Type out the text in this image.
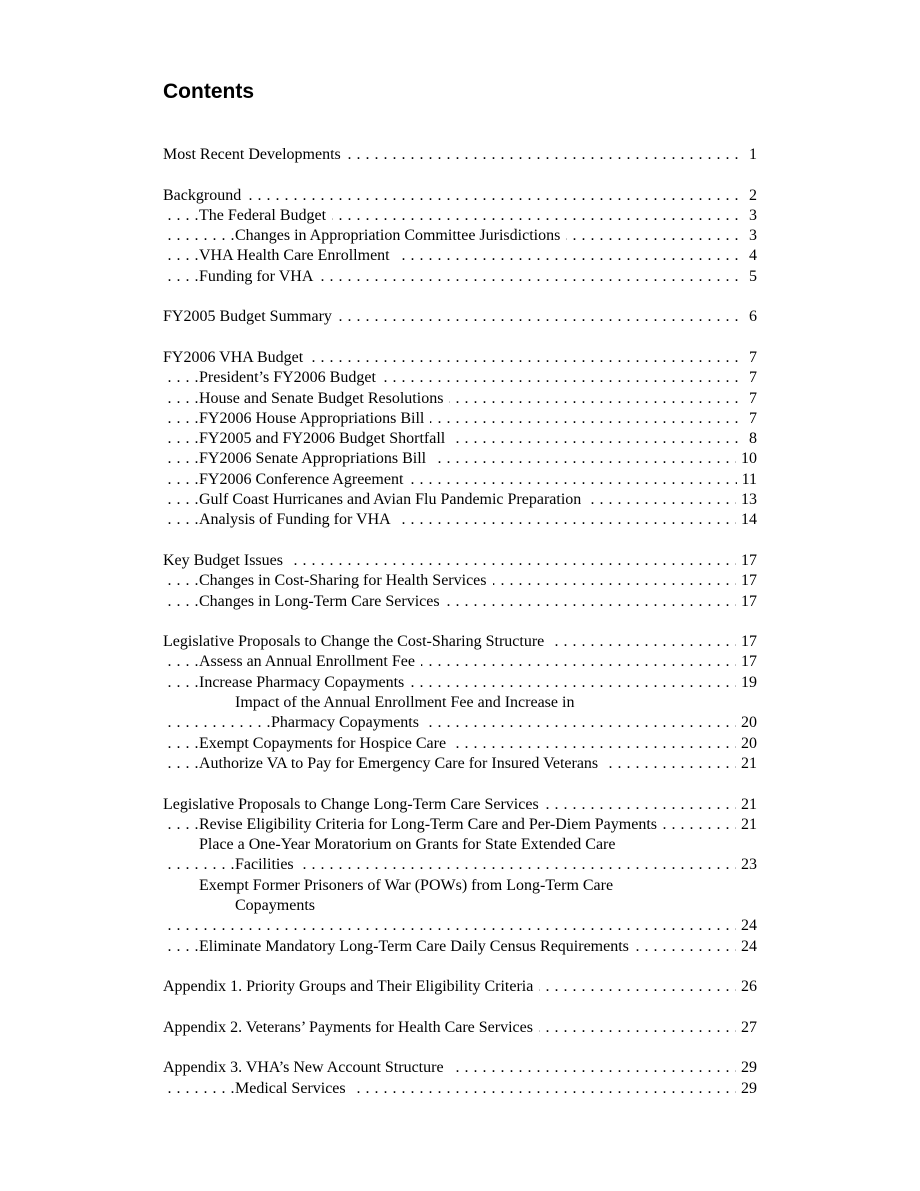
Contents
. . . Most Recent Developments	1
. . . Background	2
. . . The Federal Budget	3
. . . Changes in Appropriation Committee Jurisdictions	3
. . . VHA Health Care Enrollment	4
. . . Funding for VHA	5
. . . FY2005 Budget Summary	6
. . . FY2006 VHA Budget	7
. . . President’s FY2006 Budget	7
. . . House and Senate Budget Resolutions	7
. . . FY2006 House Appropriations Bill	7
. . . FY2005 and FY2006 Budget Shortfall	8
. . . FY2006 Senate Appropriations Bill	10
. . . FY2006 Conference Agreement	11
. . . Gulf Coast Hurricanes and Avian Flu Pandemic Preparation	13
. . . Analysis of Funding for VHA	14
. . . Key Budget Issues	17
. . . Changes in Cost-Sharing for Health Services	17
. . . Changes in Long-Term Care Services	17
. . . Legislative Proposals to Change the Cost-Sharing Structure	17
. . . Assess an Annual Enrollment Fee	17
. . . Increase Pharmacy Copayments	19
Impact of the Annual Enrollment Fee and Increase in
. . . Pharmacy Copayments	20
. . . Exempt Copayments for Hospice Care	20
. . . Authorize VA to Pay for Emergency Care for Insured Veterans	21
. . . Legislative Proposals to Change Long-Term Care Services	21
. . . Revise Eligibility Criteria for Long-Term Care and Per-Diem Payments	21
Place a One-Year Moratorium on Grants for State Extended Care
. . . Facilities	23
Exempt Former Prisoners of War (POWs) from Long-Term Care
Copayments
. . . 24
. . . Eliminate Mandatory Long-Term Care Daily Census Requirements	24
. . . Appendix 1. Priority Groups and Their Eligibility Criteria	26
. . . Appendix 2. Veterans’ Payments for Health Care Services	27
. . . Appendix 3. VHA’s New Account Structure	29
. . . Medical Services	29
